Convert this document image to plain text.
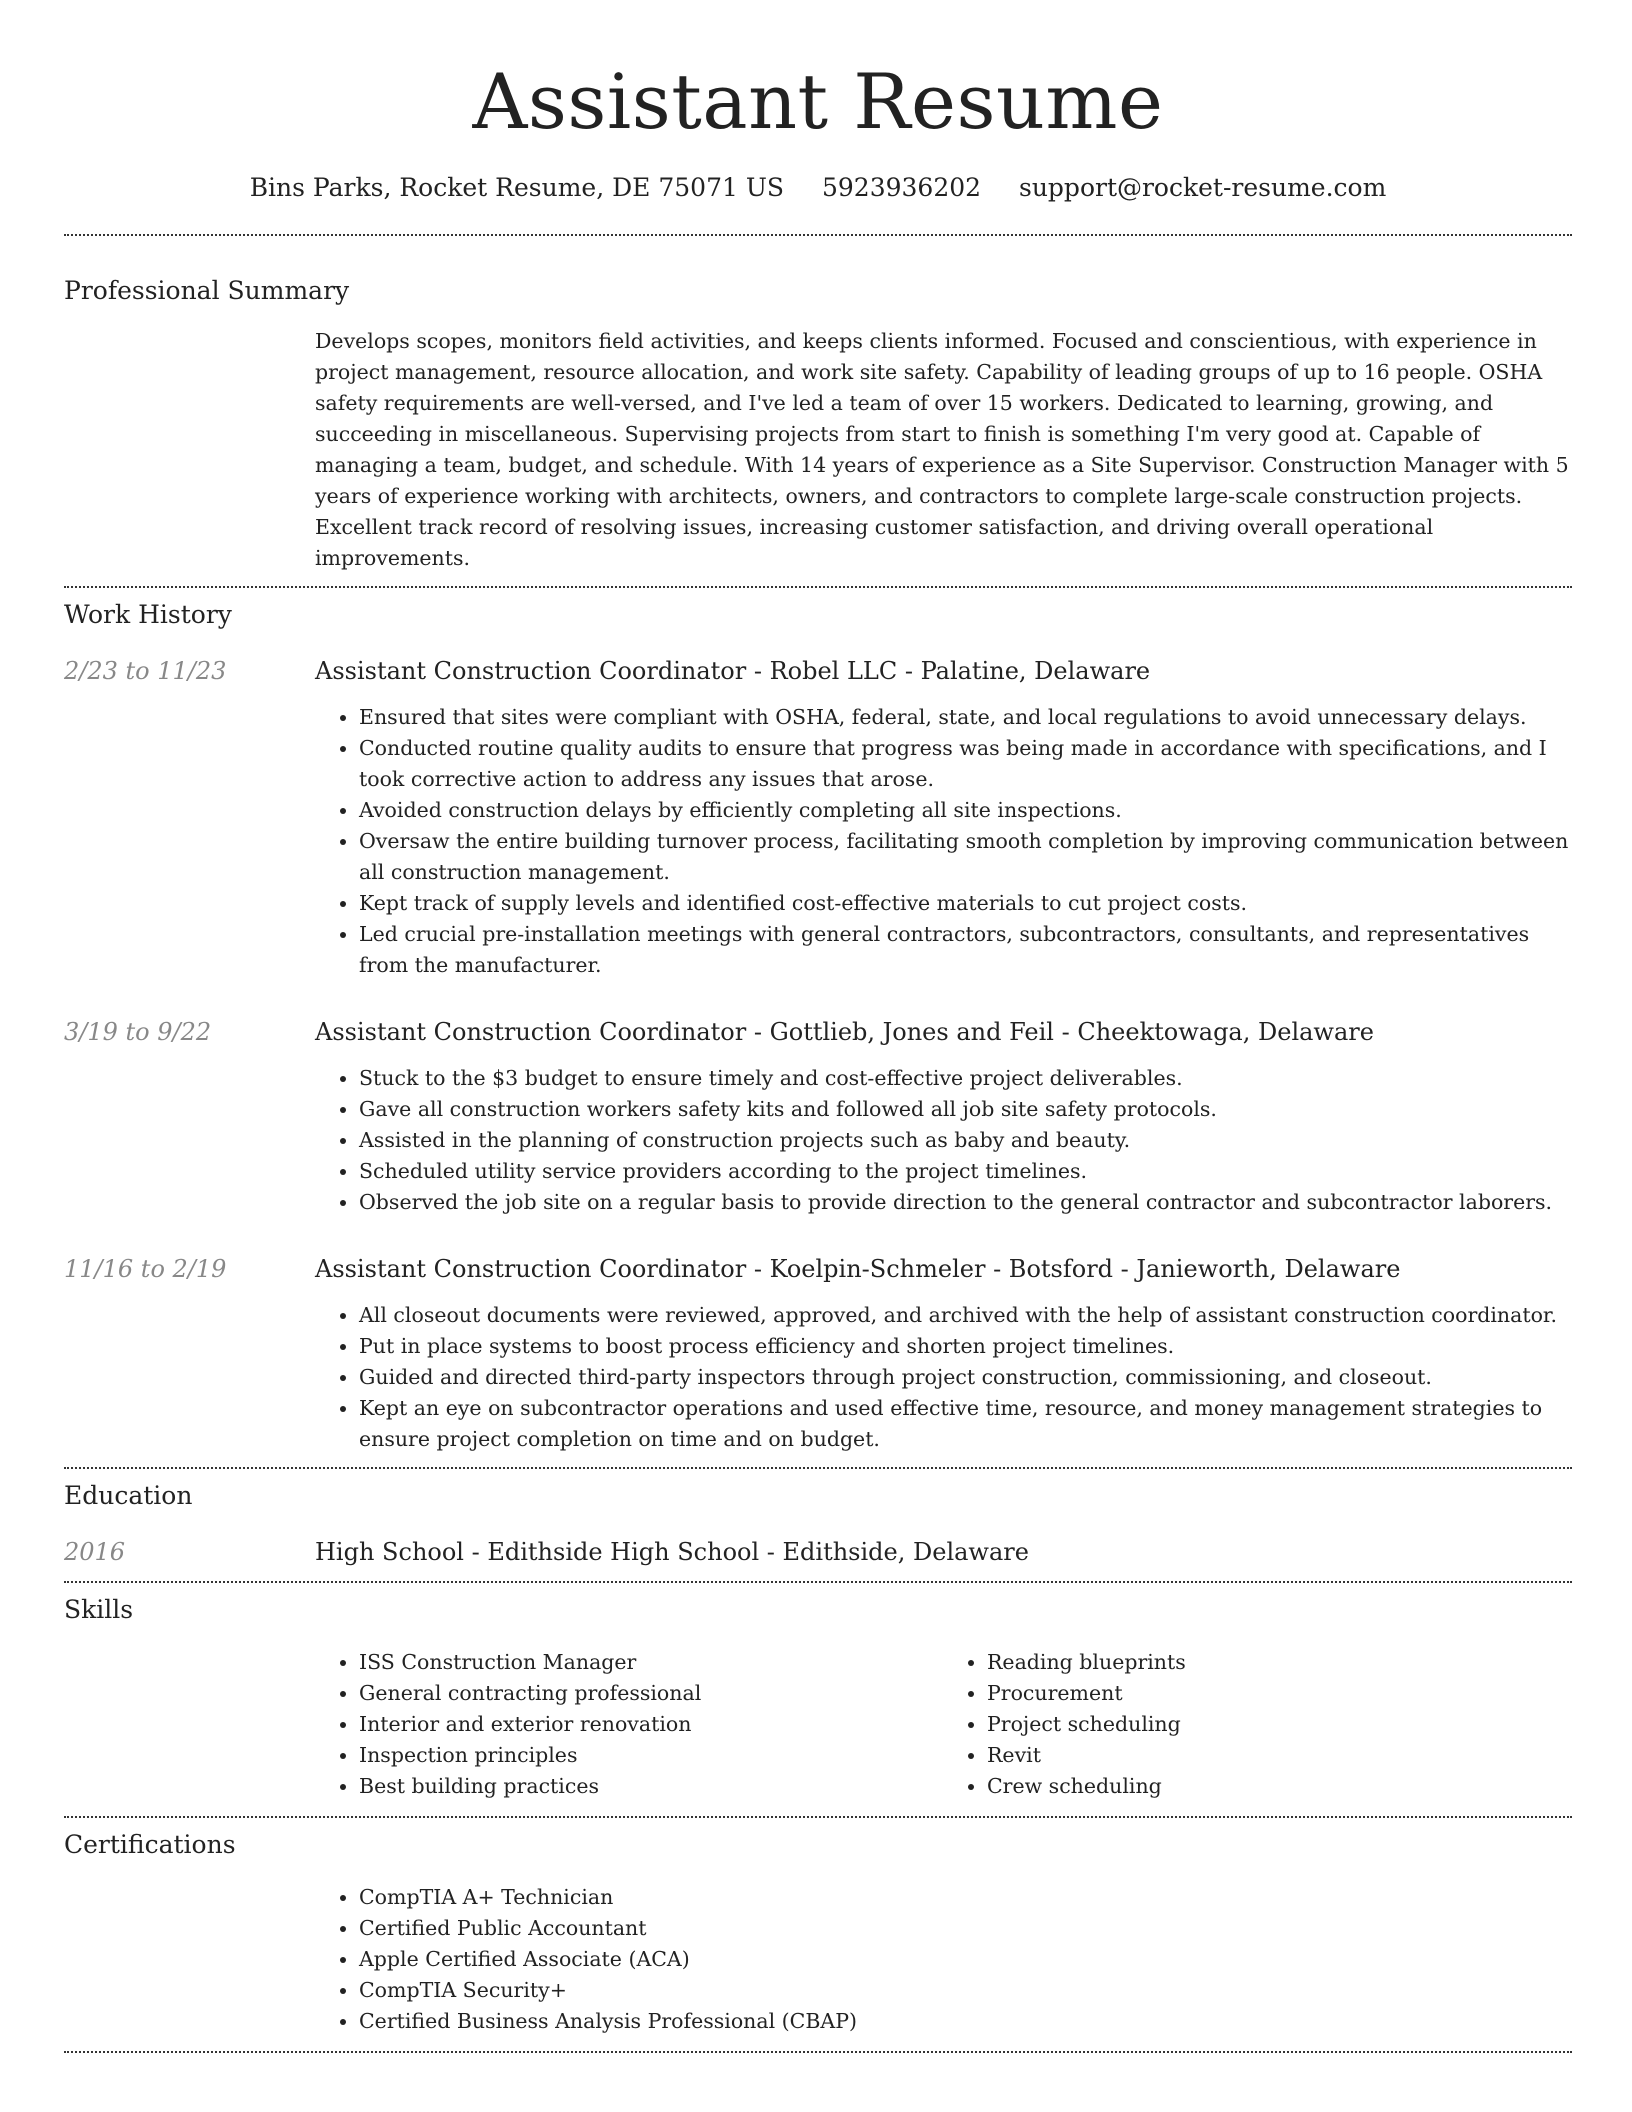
Assistant Resume
Bins Parks, Rocket Resume, DE 75071 US 5923936202 support@rocket-resume.com
Professional Summary

Develops scopes, monitors field activities, and keeps clients informed. Focused and conscientious, with experience in project management, resource allocation, and work site safety. Capability of leading groups of up to 16 people. OSHA safety requirements are well-versed, and I've led a team of over 15 workers. Dedicated to learning, growing, and succeeding in miscellaneous. Supervising projects from start to finish is something I'm very good at. Capable of managing a team, budget, and schedule. With 14 years of experience as a Site Supervisor. Construction Manager with 5 years of experience working with architects, owners, and contractors to complete large-scale construction projects. Excellent track record of resolving issues, increasing customer satisfaction, and driving overall operational improvements.

Work History
2/23 to 11/23	Assistant Construction Coordinator - Robel LLC - Palatine, Delaware
• Ensured that sites were compliant with OSHA, federal, state, and local regulations to avoid unnecessary delays.
• Conducted routine quality audits to ensure that progress was being made in accordance with specifications, and I took corrective action to address any issues that arose.
• Avoided construction delays by efficiently completing all site inspections.
• Oversaw the entire building turnover process, facilitating smooth completion by improving communication between all construction management.
• Kept track of supply levels and identified cost-effective materials to cut project costs.
• Led crucial pre-installation meetings with general contractors, subcontractors, consultants, and representatives from the manufacturer.
3/19 to 9/22	Assistant Construction Coordinator - Gottlieb, Jones and Feil - Cheektowaga, Delaware
• Stuck to the $3 budget to ensure timely and cost-effective project deliverables.
• Gave all construction workers safety kits and followed all job site safety protocols.
• Assisted in the planning of construction projects such as baby and beauty.
• Scheduled utility service providers according to the project timelines.
• Observed the job site on a regular basis to provide direction to the general contractor and subcontractor laborers.
11/16 to 2/19	Assistant Construction Coordinator - Koelpin-Schmeler - Botsford - Janieworth, Delaware
• All closeout documents were reviewed, approved, and archived with the help of assistant construction coordinator.
• Put in place systems to boost process efficiency and shorten project timelines.
• Guided and directed third-party inspectors through project construction, commissioning, and closeout.
• Kept an eye on subcontractor operations and used effective time, resource, and money management strategies to ensure project completion on time and on budget.
Education
2016	High School - Edithside High School - Edithside, Delaware
Skills
• ISS Construction Manager
• General contracting professional
• Interior and exterior renovation
• Inspection principles
• Best building practices
• Reading blueprints
• Procurement
• Project scheduling
• Revit
• Crew scheduling
Certifications
• CompTIA A+ Technician
• Certified Public Accountant
• Apple Certified Associate (ACA)
• CompTIA Security+
• Certified Business Analysis Professional (CBAP)
